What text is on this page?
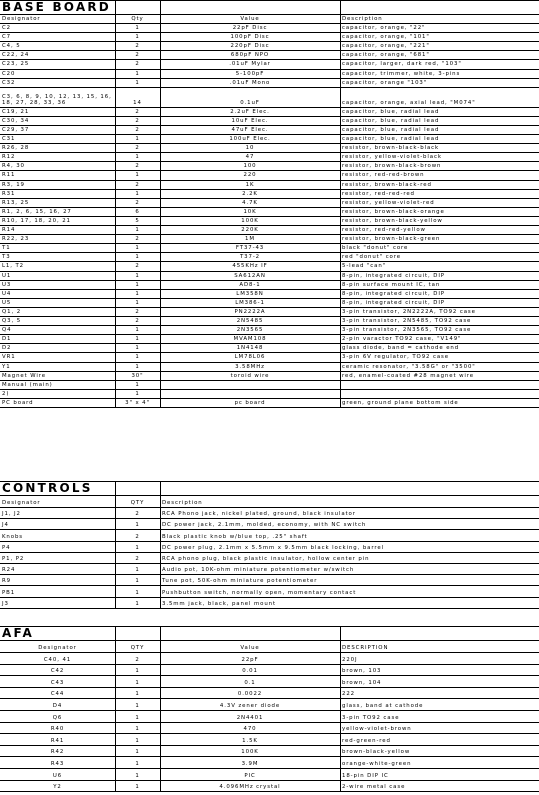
BASE BOARD
Designator	Qty	Value	Description
C2	1	22pF Disc	capacitor, orange, "22"
C7	1	100pF Disc	capacitor, orange, "101"
C4, 5	2	220pF Disc	capacitor, orange, "221"
C22, 24	2	680pF NPO	capacitor, orange, "681"
C23, 25	2	.01uF Mylar	capacitor, larger, dark red, "103"
C20	1	5-100pF	capacitor, trimmer, white, 3-pins
C32	1	.01uF Mono	capacitor, orange "103"
C3, 6, 8, 9, 10, 12, 13, 15, 16, 18, 27, 28, 33, 36	14	0.1uF	capacitor, orange, axial lead, "M074"
C19, 21	2	2.2uF Elec.	capacitor, blue, radial lead
C30, 34	2	10uF Elec.	capacitor, blue, radial lead
C29, 37	2	47uF Elec.	capacitor, blue, radial lead
C31	1	100uF Elec.	capacitor, blue, radial lead
R26, 28	2	10	resistor, brown-black-black
R12	1	47	resistor, yellow-violet-black
R4, 30	2	100	resistor, brown-black-brown
R11	1	220	resistor, red-red-brown
R3, 19	2	1K	resistor, brown-black-red
R31	1	2.2K	resistor, red-red-red
R13, 25	2	4.7K	resistor, yellow-violet-red
R1, 2, 6, 15, 16, 27	6	10K	resistor, brown-black-orange
R10, 17, 18, 20, 21	5	100K	resistor, brown-black-yellow
R14	1	220K	resistor, red-red-yellow
R22, 23	2	1M	resistor, brown-black-green
T1	1	FT37-43	black "donut" core
T3	1	T37-2	red "donut" core
L1, T2	2	455KHz IF	5-lead "can"
U1	1	SA612AN	8-pin, integrated circuit, DIP
U3	1	AD8-1	8-pin surface mount IC, tan
U4	1	LM358N	8-pin, integrated circuit, DIP
U5	1	LM386-1	8-pin, integrated circuit, DIP
Q1, 2	2	PN2222A	3-pin transistor, 2N2222A, TO92 case
Q3, 5	2	2N5485	3-pin transistor, 2N5485, TO92 case
Q4	1	2N3565	3-pin transistor, 2N3565, TO92 case
D1	1	MVAM108	2-pin varactor TO92 case, "V149"
D2	1	1N4148	glass diode, band = cathode end
VR1	1	LM78L06	3-pin 6V regulator, TO92 case
Y1	1	3.58MHz	ceramic resonator, "3.58G" or "3500"
Magnet Wire	30"	toroid wire	red, enamel-coated #28 magnet wire
Manual (main)	1
2)	1
PC board	3" x 4"	pc board	green, ground plane bottom side
CONTROLS
Designator	QTY	Description
J1, J2	2	RCA Phono jack, nickel plated, ground, black insulator
J4	1	DC power jack, 2.1mm, molded, economy, with NC switch
Knobs	2	Black plastic knob w/blue top, .25" shaft
P4	1	DC power plug, 2.1mm x 5.5mm x 9.5mm black locking, barrel
P1, P2	2	RCA phono plug, black plastic insulator, hollow center pin
R24	1	Audio pot, 10K-ohm miniature potentiometer w/switch
R9	1	Tune pot, 50K-ohm miniature potentiometer
PB1	1	Pushbutton switch, normally open, momentary contact
J3	1	3.5mm jack, black, panel mount
AFA
Designator	QTY	Value	DESCRIPTION
C40, 41	2	22pF	220J
C42	1	0.01	brown, 103
C43	1	0.1	brown, 104
C44	1	0.0022	222
D4	1	4.3V zener diode	glass, band at cathode
Q6	1	2N4401	3-pin TO92 case
R40	1	470	yellow-violet-brown
R41	1	1.5K	red-green-red
R42	1	100K	brown-black-yellow
R43	1	3.9M	orange-white-green
U6	1	PIC	18-pin DIP IC
Y2	1	4.096MHz crystal	2-wire metal case
